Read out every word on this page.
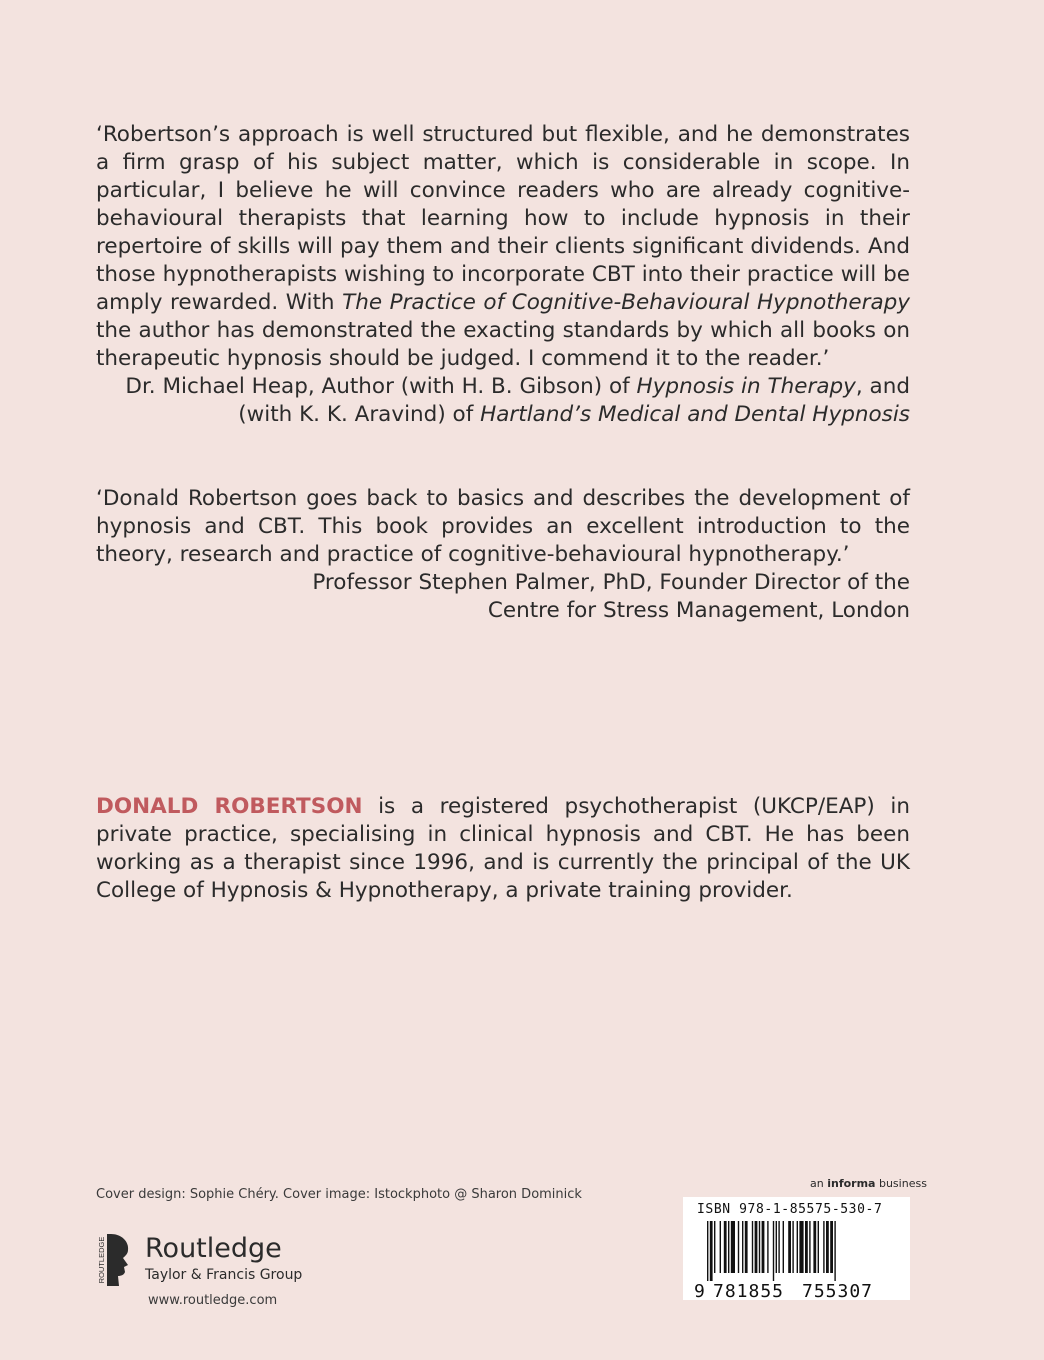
‘Robertson’s approach is well structured but flexible, and he demonstrates a firm grasp of his subject matter, which is considerable in scope. In particular, I believe he will convince readers who are already cognitive-behavioural therapists that learning how to include hypnosis in their repertoire of skills will pay them and their clients significant dividends. And those hypnotherapists wishing to incorporate CBT into their practice will be amply rewarded. With The Practice of Cognitive-Behavioural Hypnotherapy the author has demonstrated the exacting standards by which all books on therapeutic hypnosis should be judged. I commend it to the reader.’
Dr. Michael Heap, Author (with H. B. Gibson) of Hypnosis in Therapy, and
(with K. K. Aravind) of Hartland’s Medical and Dental Hypnosis
‘Donald Robertson goes back to basics and describes the development of hypnosis and CBT. This book provides an excellent introduction to the theory, research and practice of cognitive-behavioural hypnotherapy.’
Professor Stephen Palmer, PhD, Founder Director of the
Centre for Stress Management, London
DONALD ROBERTSON is a registered psychotherapist (UKCP/EAP) in private practice, specialising in clinical hypnosis and CBT. He has been working as a therapist since 1996, and is currently the principal of the UK College of Hypnosis & Hypnotherapy, a private training provider.
Cover design: Sophie Chéry. Cover image: Istockphoto @ Sharon Dominick
ROUTLEDGE Routledge
Taylor & Francis Group
www.routledge.com
an informa business
ISBN 978-1-85575-530-7
9 781855 755307
